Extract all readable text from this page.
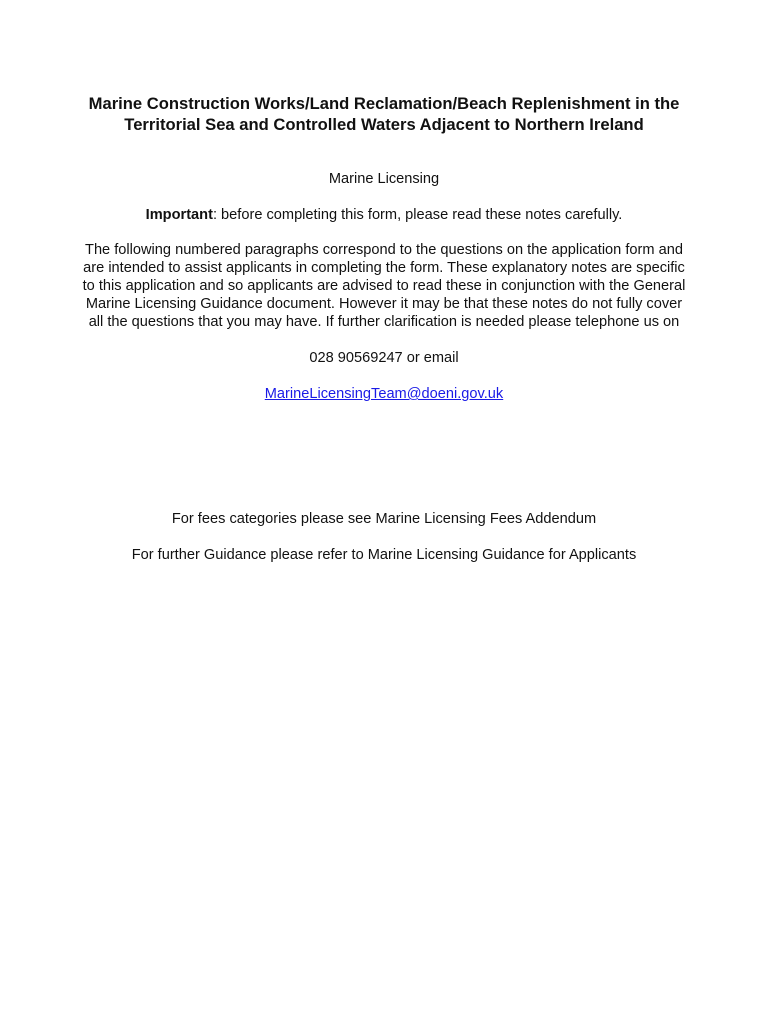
Marine Construction Works/Land Reclamation/Beach Replenishment in the
Territorial Sea and Controlled Waters Adjacent to Northern Ireland

Marine Licensing

Important: before completing this form, please read these notes carefully.

The following numbered paragraphs correspond to the questions on the application form and
are intended to assist applicants in completing the form. These explanatory notes are specific
to this application and so applicants are advised to read these in conjunction with the General
Marine Licensing Guidance document. However it may be that these notes do not fully cover
all the questions that you may have. If further clarification is needed please telephone us on

028 90569247 or email

MarineLicensingTeam@doeni.gov.uk

For fees categories please see Marine Licensing Fees Addendum

For further Guidance please refer to Marine Licensing Guidance for Applicants
